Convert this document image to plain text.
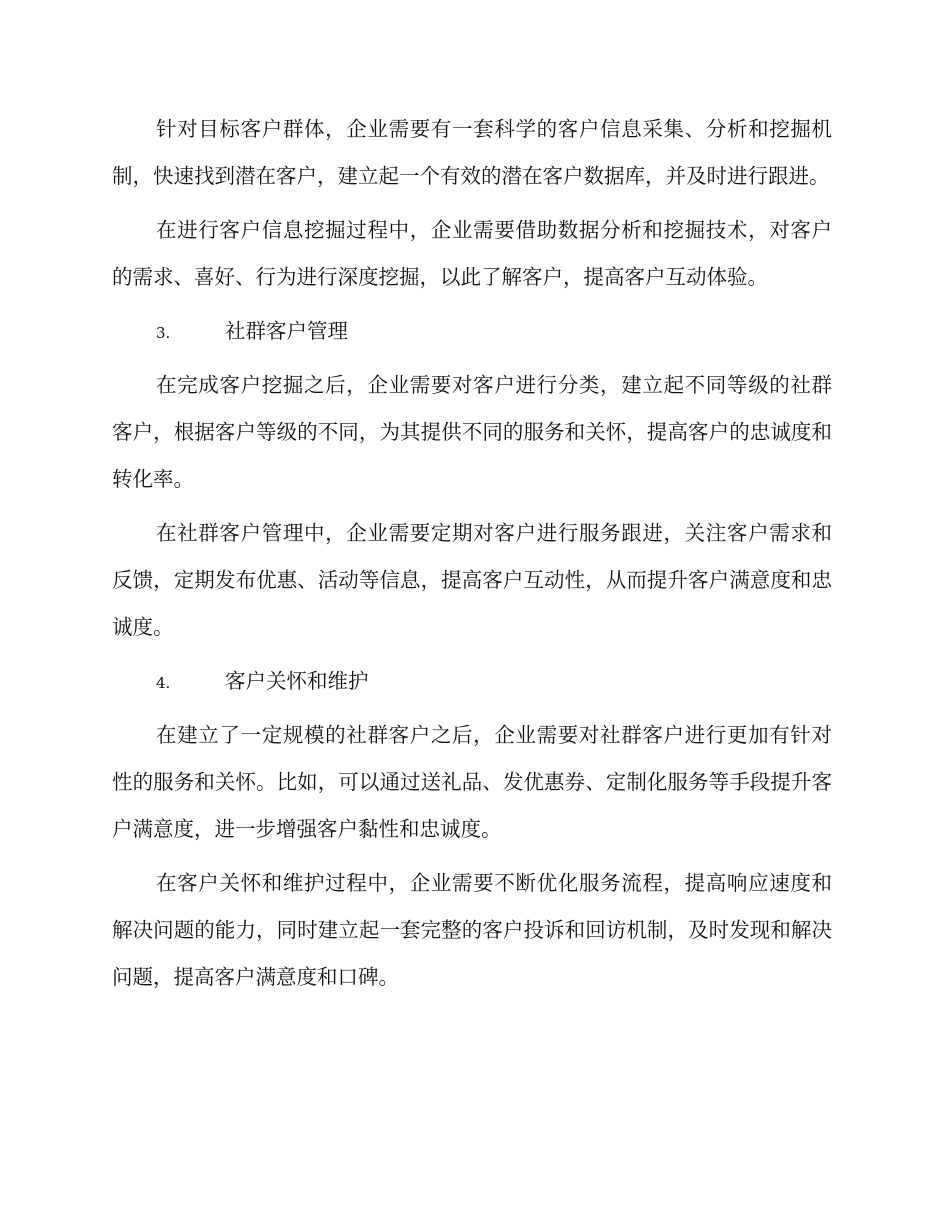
针对目标客户群体，企业需要有一套科学的客户信息采集、分析和挖掘机制，快速找到潜在客户，建立起一个有效的潜在客户数据库，并及时进行跟进。

在进行客户信息挖掘过程中，企业需要借助数据分析和挖掘技术，对客户的需求、喜好、行为进行深度挖掘，以此了解客户，提高客户互动体验。

3.	社群客户管理

在完成客户挖掘之后，企业需要对客户进行分类，建立起不同等级的社群客户，根据客户等级的不同，为其提供不同的服务和关怀，提高客户的忠诚度和转化率。

在社群客户管理中，企业需要定期对客户进行服务跟进，关注客户需求和反馈，定期发布优惠、活动等信息，提高客户互动性，从而提升客户满意度和忠诚度。

4.	客户关怀和维护

在建立了一定规模的社群客户之后，企业需要对社群客户进行更加有针对性的服务和关怀。比如，可以通过送礼品、发优惠券、定制化服务等手段提升客户满意度，进一步增强客户黏性和忠诚度。

在客户关怀和维护过程中，企业需要不断优化服务流程，提高响应速度和解决问题的能力，同时建立起一套完整的客户投诉和回访机制，及时发现和解决问题，提高客户满意度和口碑。
